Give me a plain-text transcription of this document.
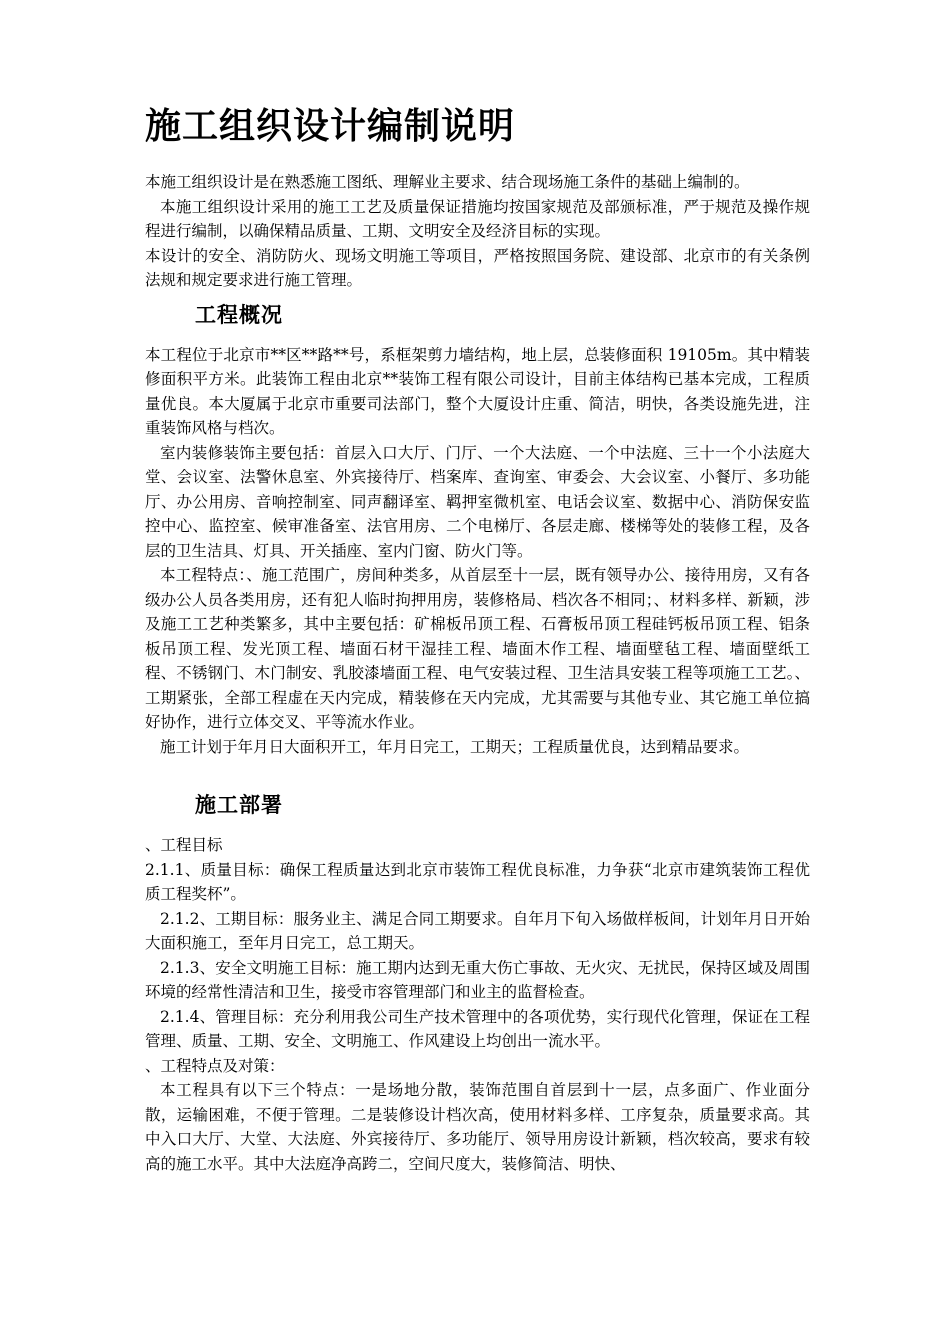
施工组织设计编制说明

本施工组织设计是在熟悉施工图纸、理解业主要求、结合现场施工条件的基础上编制的。

本施工组织设计采用的施工工艺及质量保证措施均按国家规范及部颁标准，严于规范及操作规程进行编制，以确保精品质量、工期、文明安全及经济目标的实现。

本设计的安全、消防防火、现场文明施工等项目，严格按照国务院、建设部、北京市的有关条例法规和规定要求进行施工管理。

工程概况

本工程位于北京市**区**路**号，系框架剪力墙结构，地上层，总装修面积 19105m。其中精装修面积平方米。此装饰工程由北京**装饰工程有限公司设计，目前主体结构已基本完成，工程质量优良。本大厦属于北京市重要司法部门，整个大厦设计庄重、简洁，明快，各类设施先进，注重装饰风格与档次。

室内装修装饰主要包括：首层入口大厅、门厅、一个大法庭、一个中法庭、三十一个小法庭大堂、会议室、法警休息室、外宾接待厅、档案库、查询室、审委会、大会议室、小餐厅、多功能厅、办公用房、音响控制室、同声翻译室、羁押室微机室、电话会议室、数据中心、消防保安监控中心、监控室、候审准备室、法官用房、二个电梯厅、各层走廊、楼梯等处的装修工程，及各层的卫生洁具、灯具、开关插座、室内门窗、防火门等。

本工程特点：、施工范围广，房间种类多，从首层至十一层，既有领导办公、接待用房，又有各级办公人员各类用房，还有犯人临时拘押用房，装修格局、档次各不相同；、材料多样、新颖，涉及施工工艺种类繁多，其中主要包括：矿棉板吊顶工程、石膏板吊顶工程硅钙板吊顶工程、铝条板吊顶工程、发光顶工程、墙面石材干湿挂工程、墙面木作工程、墙面壁毡工程、墙面壁纸工程、不锈钢门、木门制安、乳胶漆墙面工程、电气安装过程、卫生洁具安装工程等项施工工艺。、工期紧张，全部工程虚在天内完成，精装修在天内完成，尤其需要与其他专业、其它施工单位搞好协作，进行立体交叉、平等流水作业。

施工计划于年月日大面积开工，年月日完工，工期天；工程质量优良，达到精品要求。

施工部署

、工程目标

2.1.1、质量目标：确保工程质量达到北京市装饰工程优良标准，力争获“北京市建筑装饰工程优质工程奖杯”。

2.1.2、工期目标：服务业主、满足合同工期要求。自年月下旬入场做样板间，计划年月日开始大面积施工，至年月日完工，总工期天。

2.1.3、安全文明施工目标：施工期内达到无重大伤亡事故、无火灾、无扰民，保持区域及周围环境的经常性清洁和卫生，接受市容管理部门和业主的监督检查。

2.1.4、管理目标：充分利用我公司生产技术管理中的各项优势，实行现代化管理，保证在工程管理、质量、工期、安全、文明施工、作风建设上均创出一流水平。

、工程特点及对策：

本工程具有以下三个特点：一是场地分散，装饰范围自首层到十一层，点多面广、作业面分散，运输困难，不便于管理。二是装修设计档次高，使用材料多样、工序复杂，质量要求高。其中入口大厅、大堂、大法庭、外宾接待厅、多功能厅、领导用房设计新颖，档次较高，要求有较高的施工水平。其中大法庭净高跨二，空间尺度大，装修简洁、明快、
